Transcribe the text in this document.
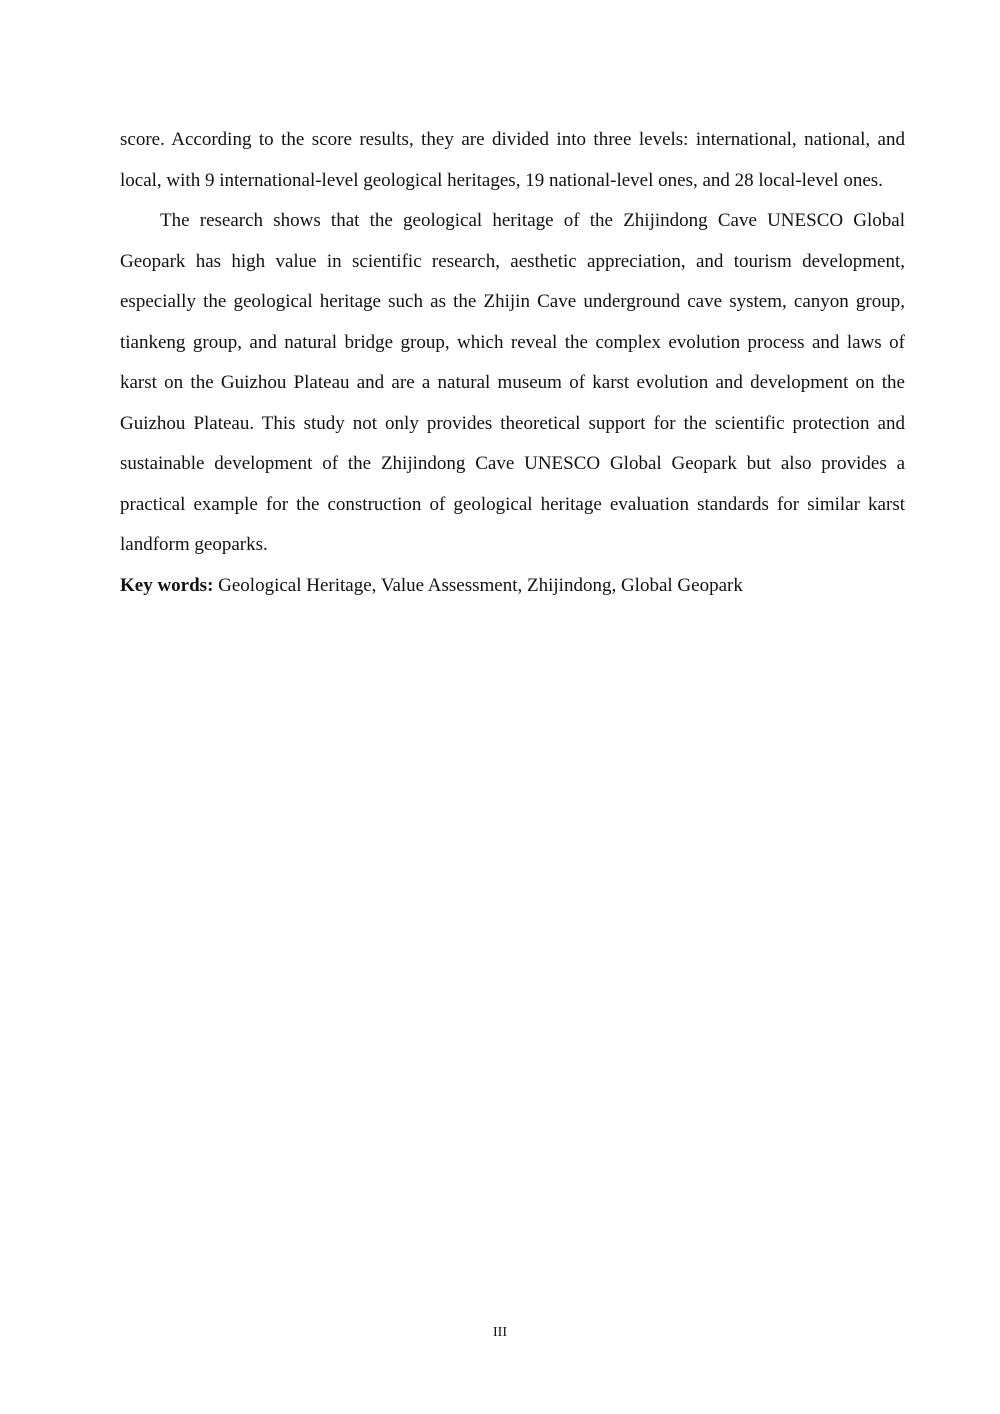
score. According to the score results, they are divided into three levels: international, national, and local, with 9 international-level geological heritages, 19 national-level ones, and 28 local-level ones.

The research shows that the geological heritage of the Zhijindong Cave UNESCO Global Geopark has high value in scientific research, aesthetic appreciation, and tourism development, especially the geological heritage such as the Zhijin Cave underground cave system, canyon group, tiankeng group, and natural bridge group, which reveal the complex evolution process and laws of karst on the Guizhou Plateau and are a natural museum of karst evolution and development on the Guizhou Plateau. This study not only provides theoretical support for the scientific protection and sustainable development of the Zhijindong Cave UNESCO Global Geopark but also provides a practical example for the construction of geological heritage evaluation standards for similar karst landform geoparks.

Key words: Geological Heritage, Value Assessment, Zhijindong, Global Geopark

III
